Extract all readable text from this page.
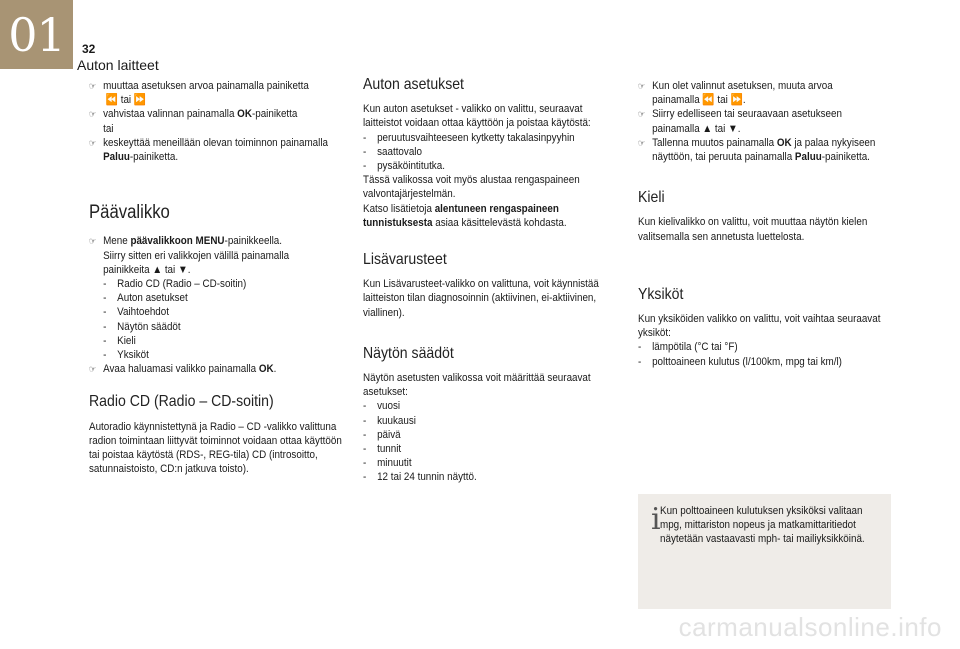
01	32
Auton laitteet
☞ muuttaa asetuksen arvoa painamalla painiketta

⏪ tai ⏩

☞ vahvistaa valinnan painamalla OK-painiketta

tai

☞ keskeyttää meneillään olevan toiminnon painamalla

Paluu-painiketta.

Päävalikko
☞ Mene päävalikkoon MENU-painikkeella.

Siirry sitten eri valikkojen välillä painamalla

painikkeita ▲ tai ▼.

- Radio CD (Radio – CD-soitin)
- Auton asetukset
- Vaihtoehdot
- Näytön säädöt
- Kieli
- Yksiköt
☞ Avaa haluamasi valikko painamalla OK.

Radio CD (Radio – CD-soitin)

Autoradio käynnistettynä ja Radio – CD -valikko valittuna radion toimintaan liittyvät toiminnot voidaan ottaa käyttöön tai poistaa käytöstä (RDS-, REG-tila) CD (introsoitto, satunnaistoisto, CD:n jatkuva toisto).

Auton asetukset

Kun auton asetukset - valikko on valittu, seuraavat laitteistot voidaan ottaa käyttöön ja poistaa käytöstä:

- peruutusvaihteeseen kytketty takalasinpyyhin
- saattovalo
- pysäköintitutka.

Tässä valikossa voit myös alustaa rengaspaineen valvontajärjestelmän.

Katso lisätietoja alentuneen rengaspaineen tunnistuksesta asiaa käsittelevästä kohdasta.

Lisävarusteet

Kun Lisävarusteet-valikko on valittuna, voit käynnistää laitteiston tilan diagnosoinnin (aktiivinen, ei-aktiivinen, viallinen).

Näytön säädöt

Näytön asetusten valikossa voit määrittää seuraavat asetukset:

- vuosi
- kuukausi
- päivä
- tunnit
- minuutit
- 12 tai 24 tunnin näyttö.
☞ Kun olet valinnut asetuksen, muuta arvoa

painamalla ⏪ tai ⏩.

☞ Siirry edelliseen tai seuraavaan asetukseen

painamalla ▲ tai ▼.

☞ Tallenna muutos painamalla OK ja palaa nykyiseen

näyttöön, tai peruuta painamalla Paluu-painiketta.

Kieli

Kun kielivalikko on valittu, voit muuttaa näytön kielen valitsemalla sen annetusta luettelosta.

Yksiköt

Kun yksiköiden valikko on valittu, voit vaihtaa seuraavat yksiköt:

- lämpötila (°C tai °F)
- polttoaineen kulutus (l/100km, mpg tai km/l)
i Kun polttoaineen kulutuksen yksiköksi valitaan mpg, mittariston nopeus ja matkamittaritiedot näytetään vastaavasti mph- tai mailiyksikköinä.

carmanualsonline.info
